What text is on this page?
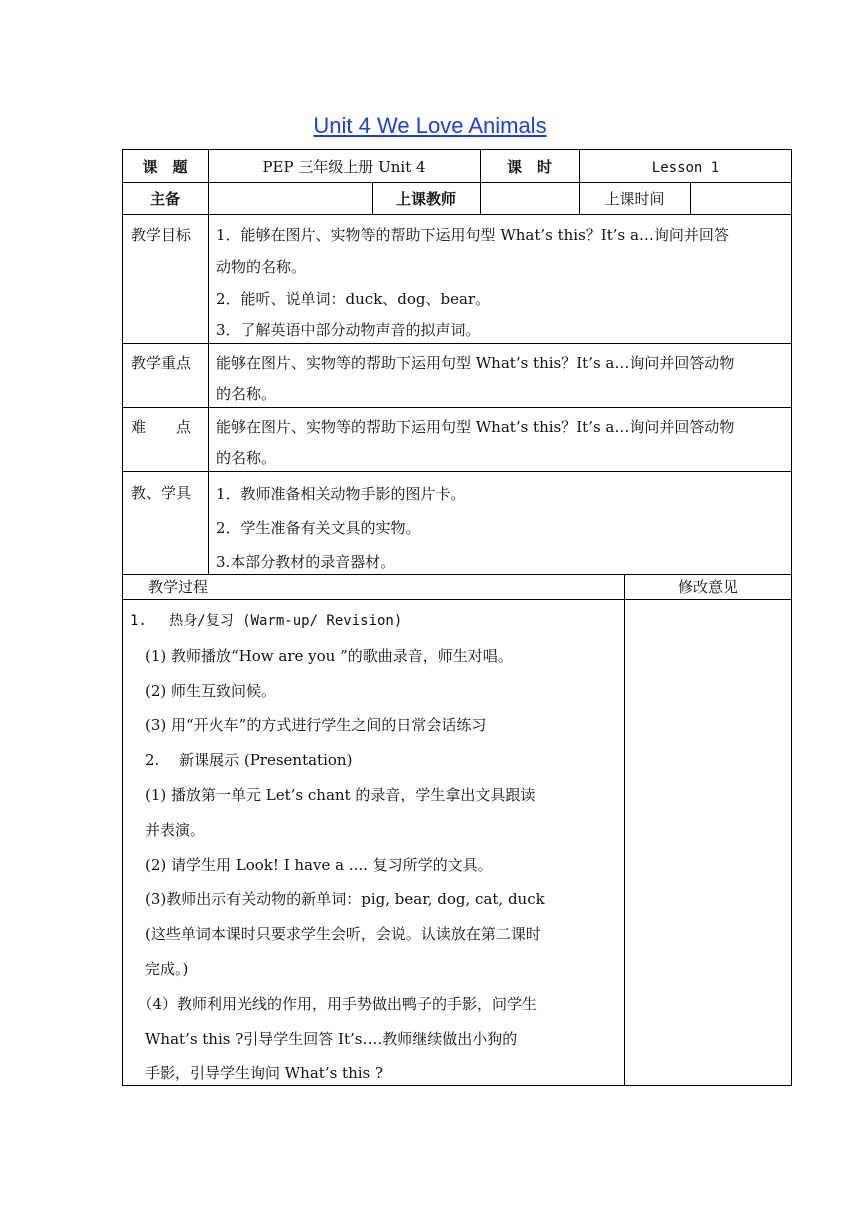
Unit 4 We Love Animals
课　题	PEP 三年级上册 Unit 4	课　时	Lesson 1
主备	上课教师	上课时间
教学目标 1．能够在图片、实物等的帮助下运用句型 What’s this？It’s a…询问并回答
动物的名称。
2．能听、说单词：duck、dog、bear。
3．了解英语中部分动物声音的拟声词。
教学重点 能够在图片、实物等的帮助下运用句型 What’s this？It’s a…询问并回答动物
的名称。
难　　点 能够在图片、实物等的帮助下运用句型 What’s this？It’s a…询问并回答动物
的名称。
教、学具 1．教师准备相关动物手影的图片卡。
2．学生准备有关文具的实物。
3.本部分教材的录音器材。
教学过程	修改意见
1.　 热身/复习 (Warm-up/ Revision)
　(1) 教师播放“How are you ”的歌曲录音，师生对唱。
　(2) 师生互致问候。
　(3) 用“开火车”的方式进行学生之间的日常会话练习
　2.　 新课展示 (Presentation)
　(1) 播放第一单元 Let’s chant 的录音，学生拿出文具跟读
　并表演。
　(2) 请学生用 Look! I have a .... 复习所学的文具。
　(3)教师出示有关动物的新单词：pig, bear, dog, cat, duck
　(这些单词本课时只要求学生会听，会说。认读放在第二课时
　完成。)
　（4）教师利用光线的作用，用手势做出鸭子的手影，问学生
　What’s this ?引导学生回答 It’s….教师继续做出小狗的
　手影，引导学生询问 What’s this ?
